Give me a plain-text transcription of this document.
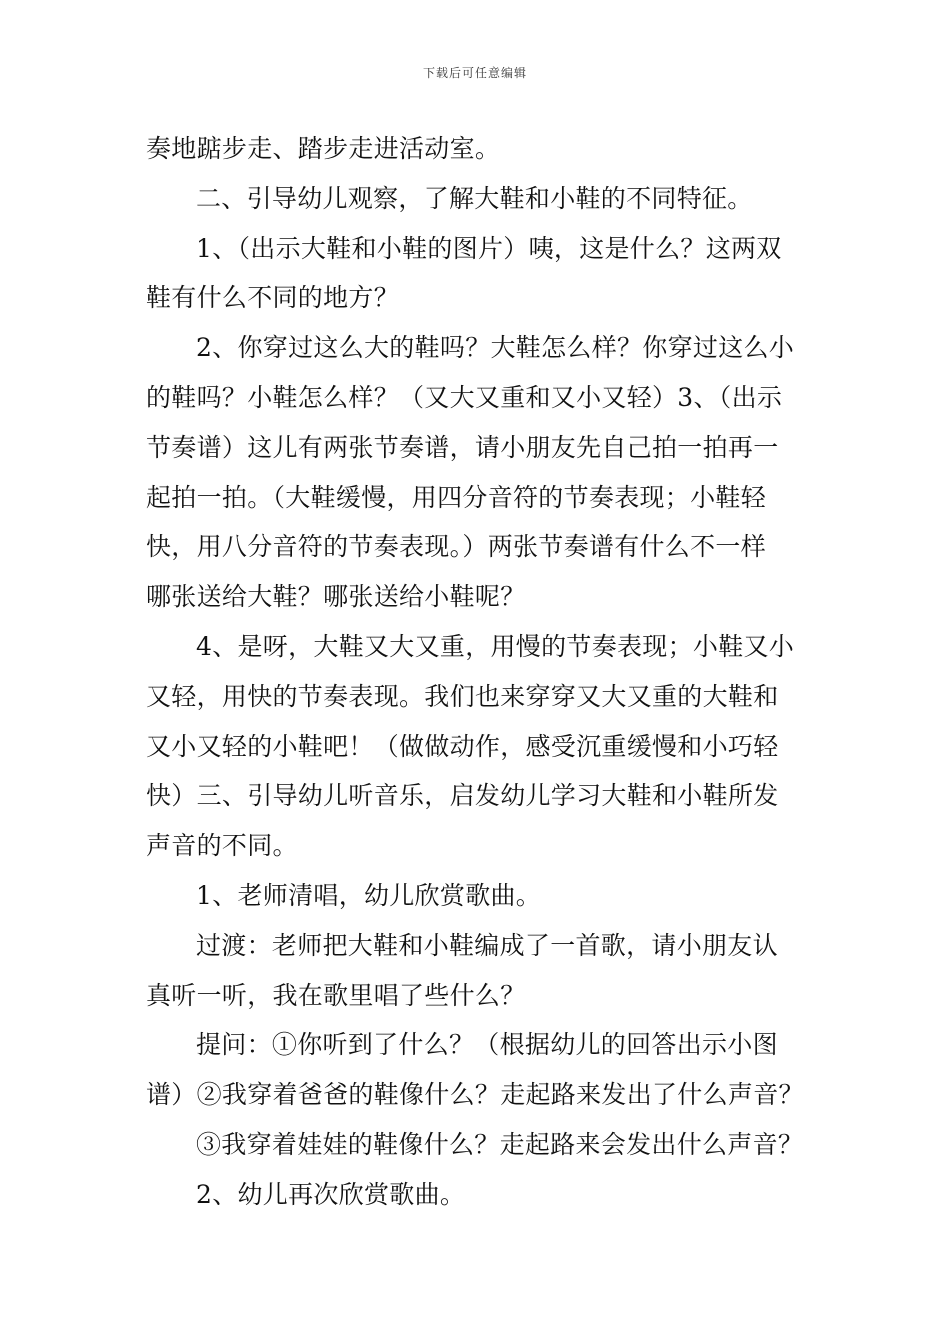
下载后可任意编辑
奏地踮步走、踏步走进活动室。
二、引导幼儿观察，了解大鞋和小鞋的不同特征。
1、（出示大鞋和小鞋的图片）咦，这是什么？这两双
鞋有什么不同的地方？
2、你穿过这么大的鞋吗？大鞋怎么样？你穿过这么小
的鞋吗？小鞋怎么样？（又大又重和又小又轻）3、（出示
节奏谱）这儿有两张节奏谱，请小朋友先自己拍一拍再一
起拍一拍。（大鞋缓慢，用四分音符的节奏表现；小鞋轻
快，用八分音符的节奏表现。）两张节奏谱有什么不一样
哪张送给大鞋？哪张送给小鞋呢？
4、是呀，大鞋又大又重，用慢的节奏表现；小鞋又小
又轻，用快的节奏表现。我们也来穿穿又大又重的大鞋和
又小又轻的小鞋吧！（做做动作，感受沉重缓慢和小巧轻
快）三、引导幼儿听音乐，启发幼儿学习大鞋和小鞋所发
声音的不同。
1、老师清唱，幼儿欣赏歌曲。
过渡：老师把大鞋和小鞋编成了一首歌，请小朋友认
真听一听，我在歌里唱了些什么？
提问：①你听到了什么？（根据幼儿的回答出示小图
谱）②我穿着爸爸的鞋像什么？走起路来发出了什么声音？
③我穿着娃娃的鞋像什么？走起路来会发出什么声音？
2、幼儿再次欣赏歌曲。
